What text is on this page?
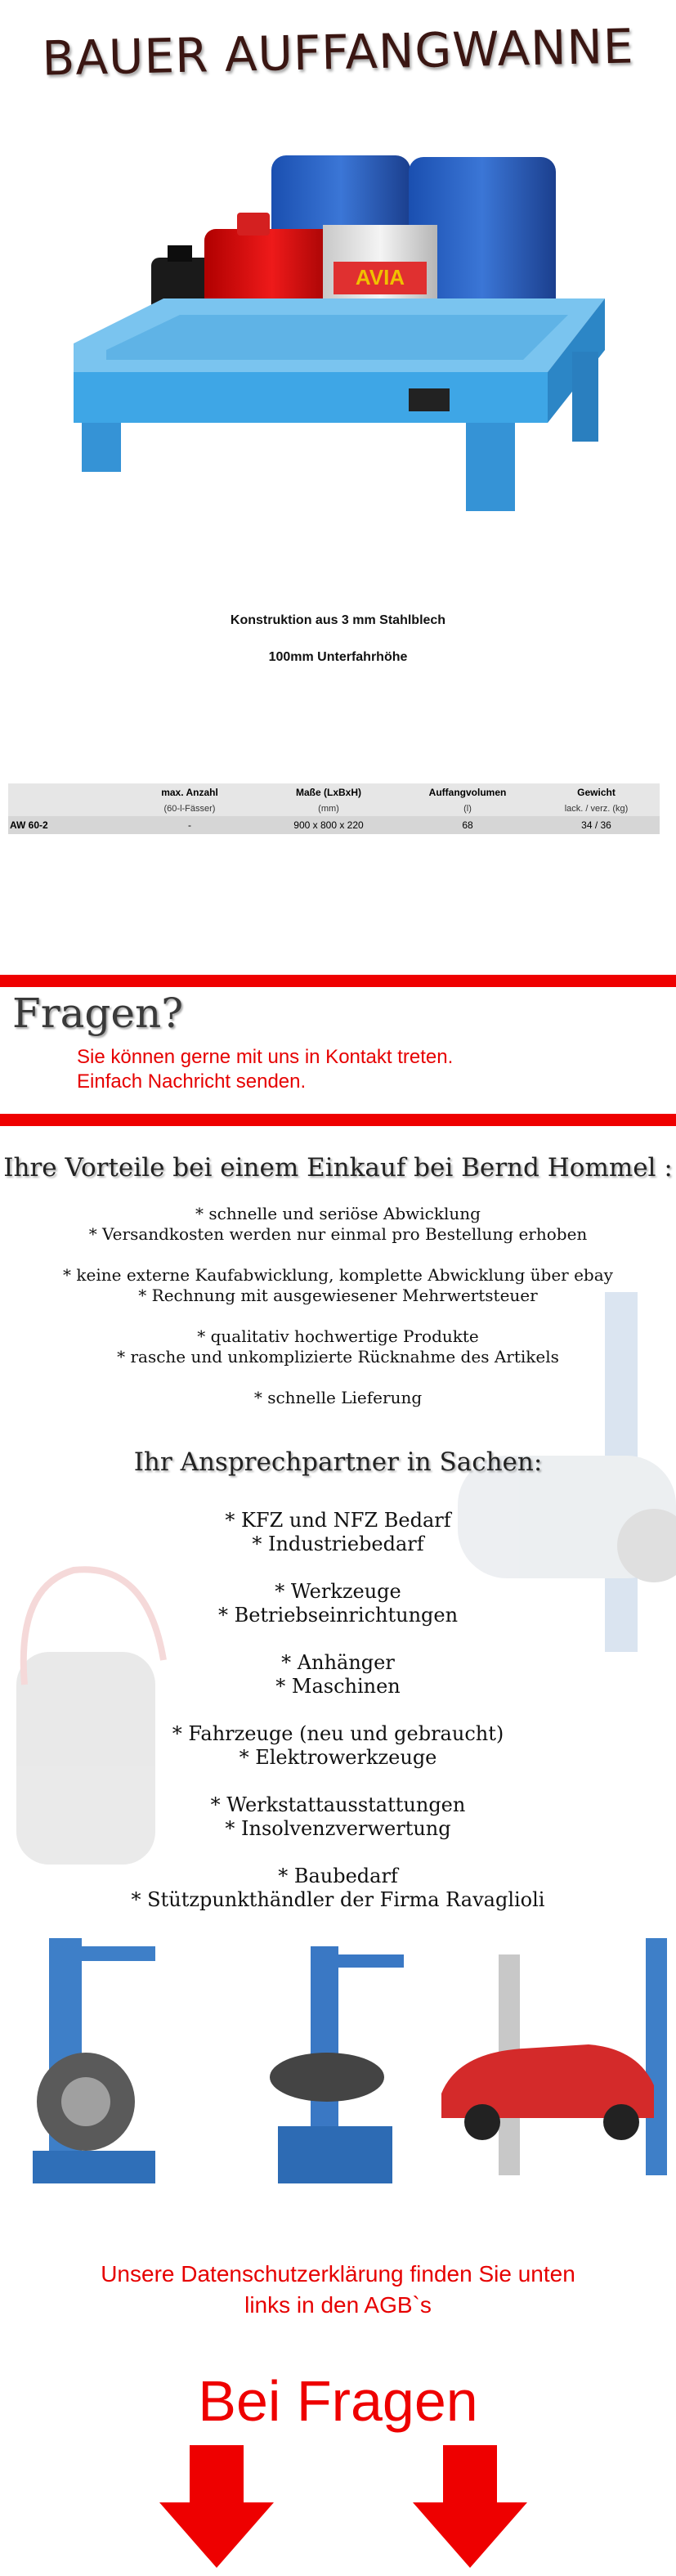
BAUER AUFFANGWANNE
AVIA
Konstruktion aus 3 mm Stahlblech
100mm Unterfahrhöhe
	max. Anzahl	Maße (LxBxH)	Auffangvolumen	Gewicht
	(60-l-Fässer)	(mm)	(l)	lack. / verz. (kg)
AW 60-2	-	900 x 800 x 220	68	34 / 36
Fragen?
Sie können gerne mit uns in Kontakt treten.
Einfach Nachricht senden.
Ihre Vorteile bei einem Einkauf bei Bernd Hommel :
* schnelle und seriöse Abwicklung
* Versandkosten werden nur einmal pro Bestellung erhoben
* keine externe Kaufabwicklung, komplette Abwicklung über ebay
* Rechnung mit ausgewiesener Mehrwertsteuer
* qualitativ hochwertige Produkte
* rasche und unkomplizierte Rücknahme des Artikels
* schnelle Lieferung
Ihr Ansprechpartner in Sachen:
* KFZ und NFZ Bedarf
* Industriebedarf
* Werkzeuge
* Betriebseinrichtungen
* Anhänger
* Maschinen
* Fahrzeuge (neu und gebraucht)
* Elektrowerkzeuge
* Werkstattausstattungen
* Insolvenzverwertung
* Baubedarf
* Stützpunkthändler der Firma Ravaglioli
Unsere Datenschutzerklärung finden Sie unten
links in den AGB`s
Bei Fragen
